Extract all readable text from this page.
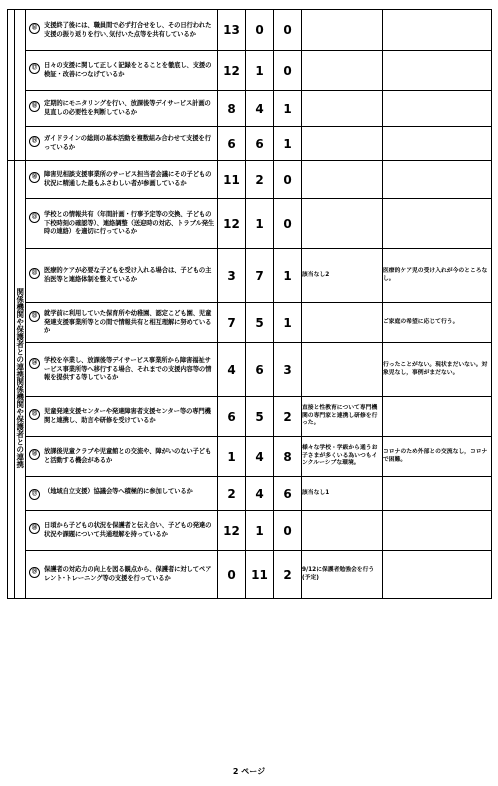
		⑯ 支援終了後には、職員間で必ず打合せをし、その日行われた支援の振り返りを行い､気付いた点等を共有しているか	13	0	0		

		⑰ 日々の支援に関して正しく記録をとることを徹底し、支援の検証・改善につなげているか	12	1	0		

		⑱ 定期的にモニタリングを行い、放課後等デイサービス計画の見直しの必要性を判断しているか	8	4	1		

		⑲ ガイドラインの総則の基本活動を複数組み合わせて支援を行っているか	6	6	1		
	関係機関や保護者との連携関係機関や保護者との連携	⑳ 障害児相談支援事業所のサービス担当者会議にその子どもの状況に精通した最もふさわしい者が参画しているか	11	2	0		

		㉑ 学校との情報共有（年間計画・行事予定等の交換、子どもの下校時刻の確認等）、連絡調整（送迎時の対応、トラブル発生時の連絡）を適切に行っているか	12	1	0		

		㉒ 医療的ケアが必要な子どもを受け入れる場合は、子どもの主治医等と連絡体制を整えているか	3	7	1	該当なし2	医療的ケア児の受け入れが今のところなし。

		㉓ 就学前に利用していた保育所や幼稚園、認定こども園、児童発達支援事業所等との間で情報共有と相互理解に努めているか	7	5	1		ご家庭の希望に応じて行う。

		㉔ 学校を卒業し、放課後等デイサービス事業所から障害福祉サービス事業所等へ移行する場合、それまでの支援内容等の情報を提供する等しているか	4	6	3		行ったことがない。現状まだいない。対象児なし，事例がまだない。

		㉕ 児童発達支援センターや発達障害者支援センター等の専門機関と連携し、助言や研修を受けているか	6	5	2	直接と性教育について専門機関の専門家と連携し研修を行った。	

		㉖ 放課後児童クラブや児童館との交流や、障がいのない子どもと活動する機会があるか	1	4	8	様々な学校・学級から通うお子さまが多くいる為いつもインクルーシブな環境。	コロナのため外部との交流なし，コロナで困難。

		㉗ （地域自立支援）協議会等へ積極的に参加しているか	2	4	6	該当なし1	

		㉘ 日頃から子どもの状況を保護者と伝え合い、子どもの発達の状況や課題について共通理解を持っているか	12	1	0		

		㉙ 保護者の対応力の向上を図る観点から、保護者に対してペアレント･トレーニング等の支援を行っているか	0	11	2	9/12に保護者勉強会を行う(予定)	
2 ページ
